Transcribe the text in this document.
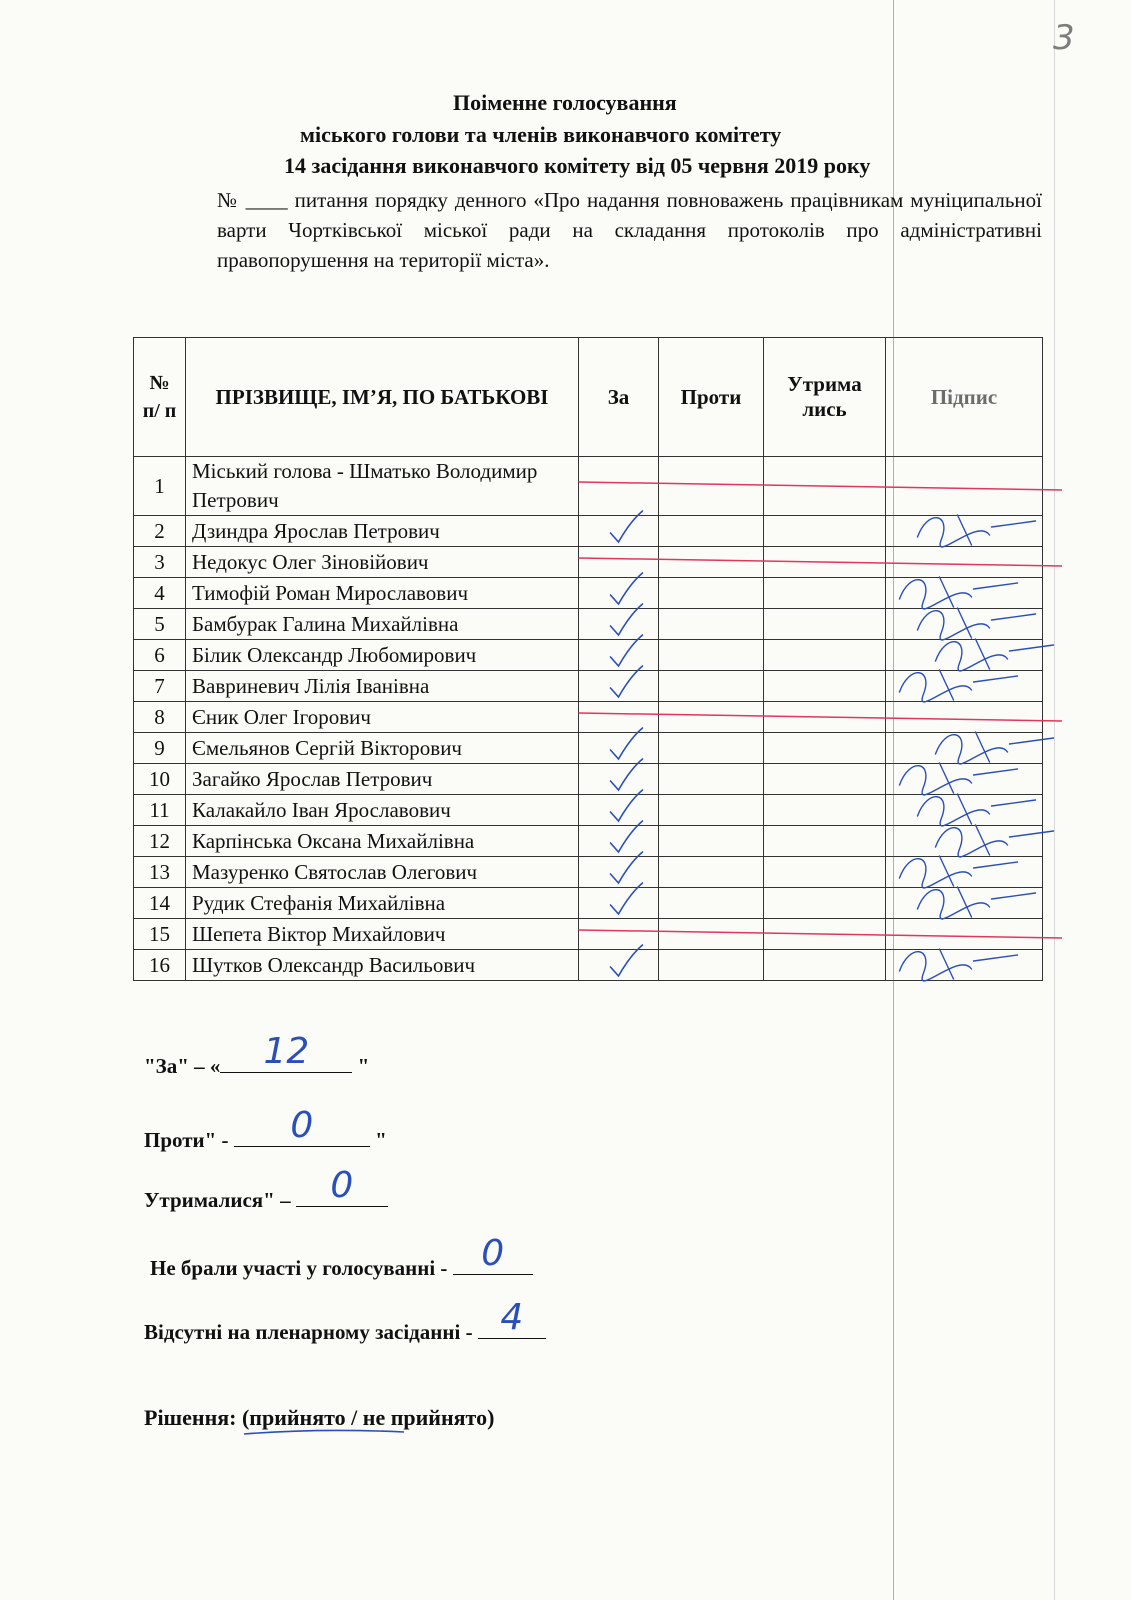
3
Поіменне голосування
міського голови та членів виконавчого комітету
14 засідання виконавчого комітету від 05 червня 2019 року
№ ____ питання порядку денного «Про надання повноважень працівникам муніципальної варти Чортківської міської ради на складання протоколів про адміністративні правопорушення на території міста».
№ п/ п	ПРІЗВИЩЕ, ІМ’Я, ПО БАТЬКОВІ	За	Проти	Утрима лись	Підпис
1	Міський голова - Шматько Володимир Петрович				
2	Дзиндра Ярослав Петрович				
3	Недокус Олег Зіновійович				
4	Тимофій Роман Мирославович				
5	Бамбурак Галина Михайлівна				
6	Білик Олександр Любомирович				
7	Вавриневич Лілія Іванівна				
8	Єник Олег Ігорович				
9	Ємельянов Сергій Вікторович				
10	Загайко Ярослав Петрович				
11	Калакайло Іван Ярославович				
12	Карпінська Оксана Михайлівна				
13	Мазуренко Святослав Олегович				
14	Рудик Стефанія Михайлівна				
15	Шепета Віктор Михайлович				
16	Шутков Олександр Васильович				
"За" – «	12	"
Проти" -	0	"
Утрималися" – 0
Не брали участі у голосуванні - 0
Відсутні на пленарному засіданні - 4
Рішення: (прийнято / не прийнято)
